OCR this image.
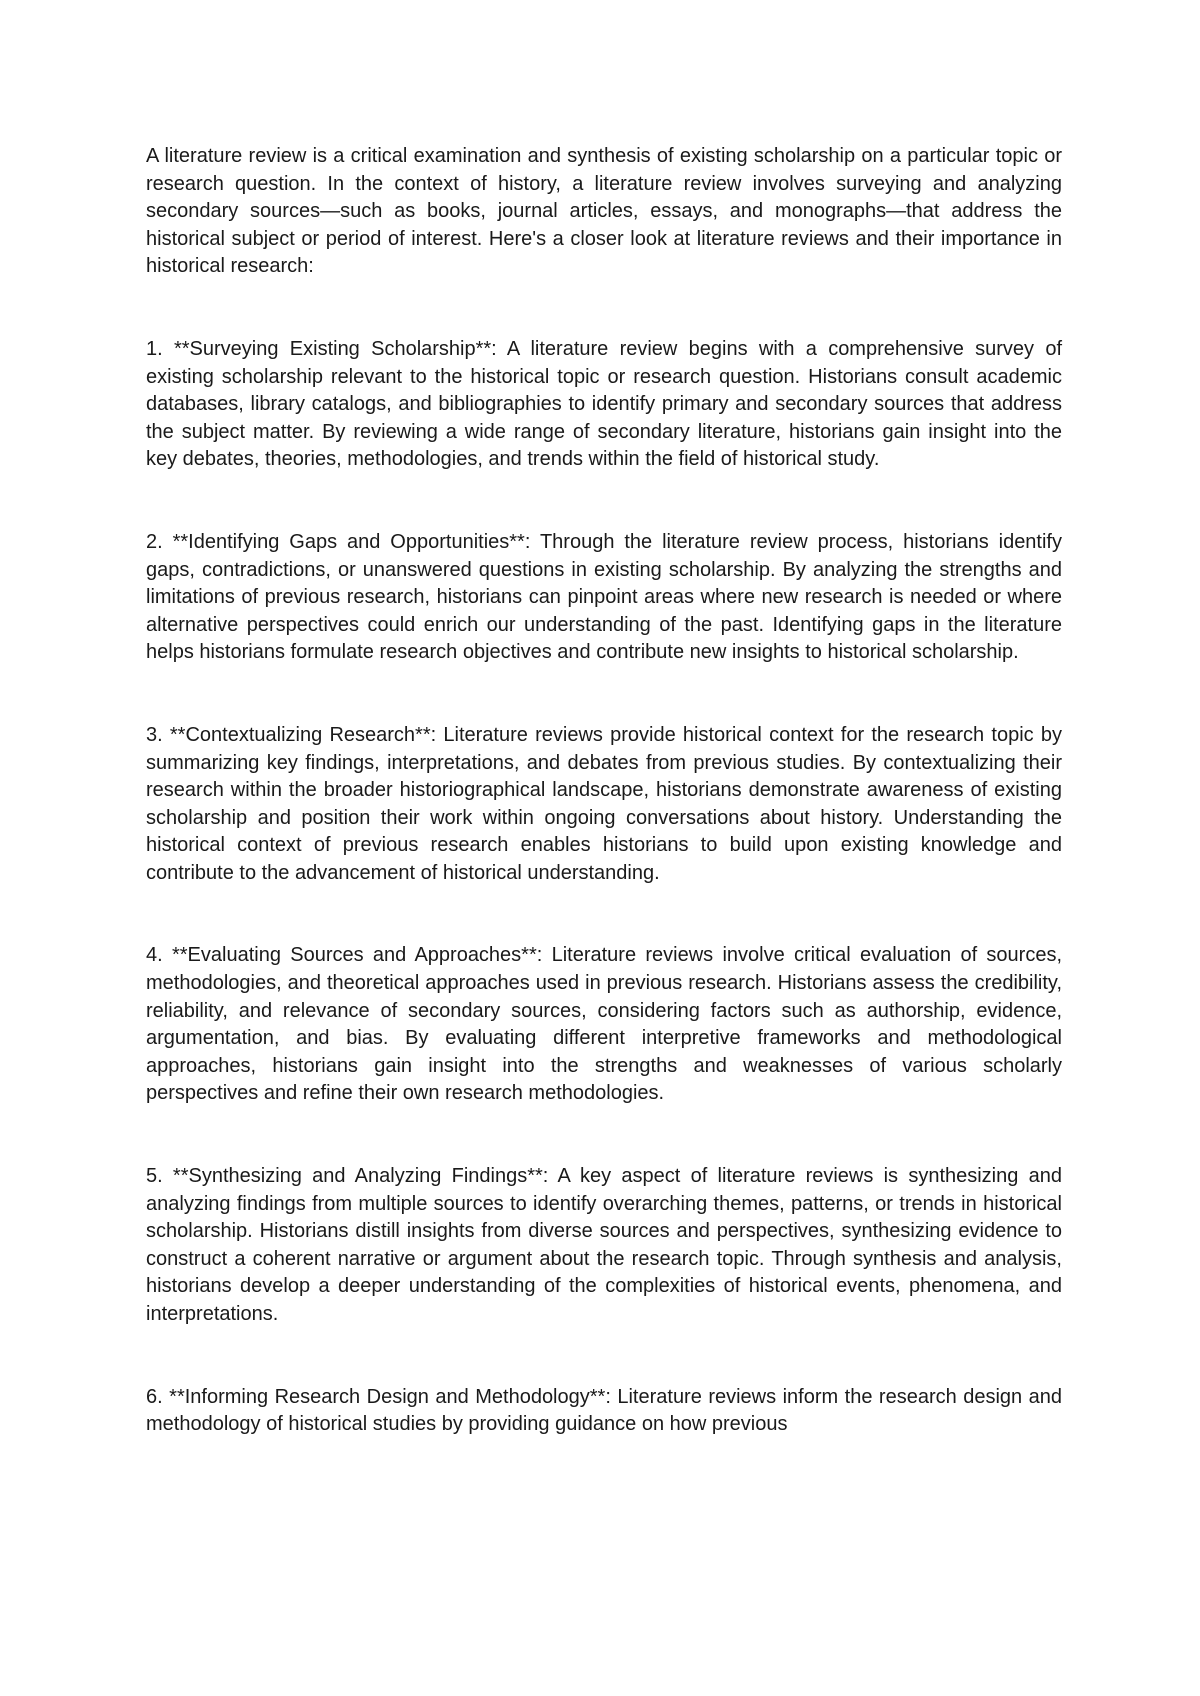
A literature review is a critical examination and synthesis of existing scholarship on a particular topic or research question. In the context of history, a literature review involves surveying and analyzing secondary sources—such as books, journal articles, essays, and monographs—that address the historical subject or period of interest. Here's a closer look at literature reviews and their importance in historical research:

1. **Surveying Existing Scholarship**: A literature review begins with a comprehensive survey of existing scholarship relevant to the historical topic or research question. Historians consult academic databases, library catalogs, and bibliographies to identify primary and secondary sources that address the subject matter. By reviewing a wide range of secondary literature, historians gain insight into the key debates, theories, methodologies, and trends within the field of historical study.

2. **Identifying Gaps and Opportunities**: Through the literature review process, historians identify gaps, contradictions, or unanswered questions in existing scholarship. By analyzing the strengths and limitations of previous research, historians can pinpoint areas where new research is needed or where alternative perspectives could enrich our understanding of the past. Identifying gaps in the literature helps historians formulate research objectives and contribute new insights to historical scholarship.

3. **Contextualizing Research**: Literature reviews provide historical context for the research topic by summarizing key findings, interpretations, and debates from previous studies. By contextualizing their research within the broader historiographical landscape, historians demonstrate awareness of existing scholarship and position their work within ongoing conversations about history. Understanding the historical context of previous research enables historians to build upon existing knowledge and contribute to the advancement of historical understanding.

4. **Evaluating Sources and Approaches**: Literature reviews involve critical evaluation of sources, methodologies, and theoretical approaches used in previous research. Historians assess the credibility, reliability, and relevance of secondary sources, considering factors such as authorship, evidence, argumentation, and bias. By evaluating different interpretive frameworks and methodological approaches, historians gain insight into the strengths and weaknesses of various scholarly perspectives and refine their own research methodologies.

5. **Synthesizing and Analyzing Findings**: A key aspect of literature reviews is synthesizing and analyzing findings from multiple sources to identify overarching themes, patterns, or trends in historical scholarship. Historians distill insights from diverse sources and perspectives, synthesizing evidence to construct a coherent narrative or argument about the research topic. Through synthesis and analysis, historians develop a deeper understanding of the complexities of historical events, phenomena, and interpretations.

6. **Informing Research Design and Methodology**: Literature reviews inform the research design and methodology of historical studies by providing guidance on how previous
